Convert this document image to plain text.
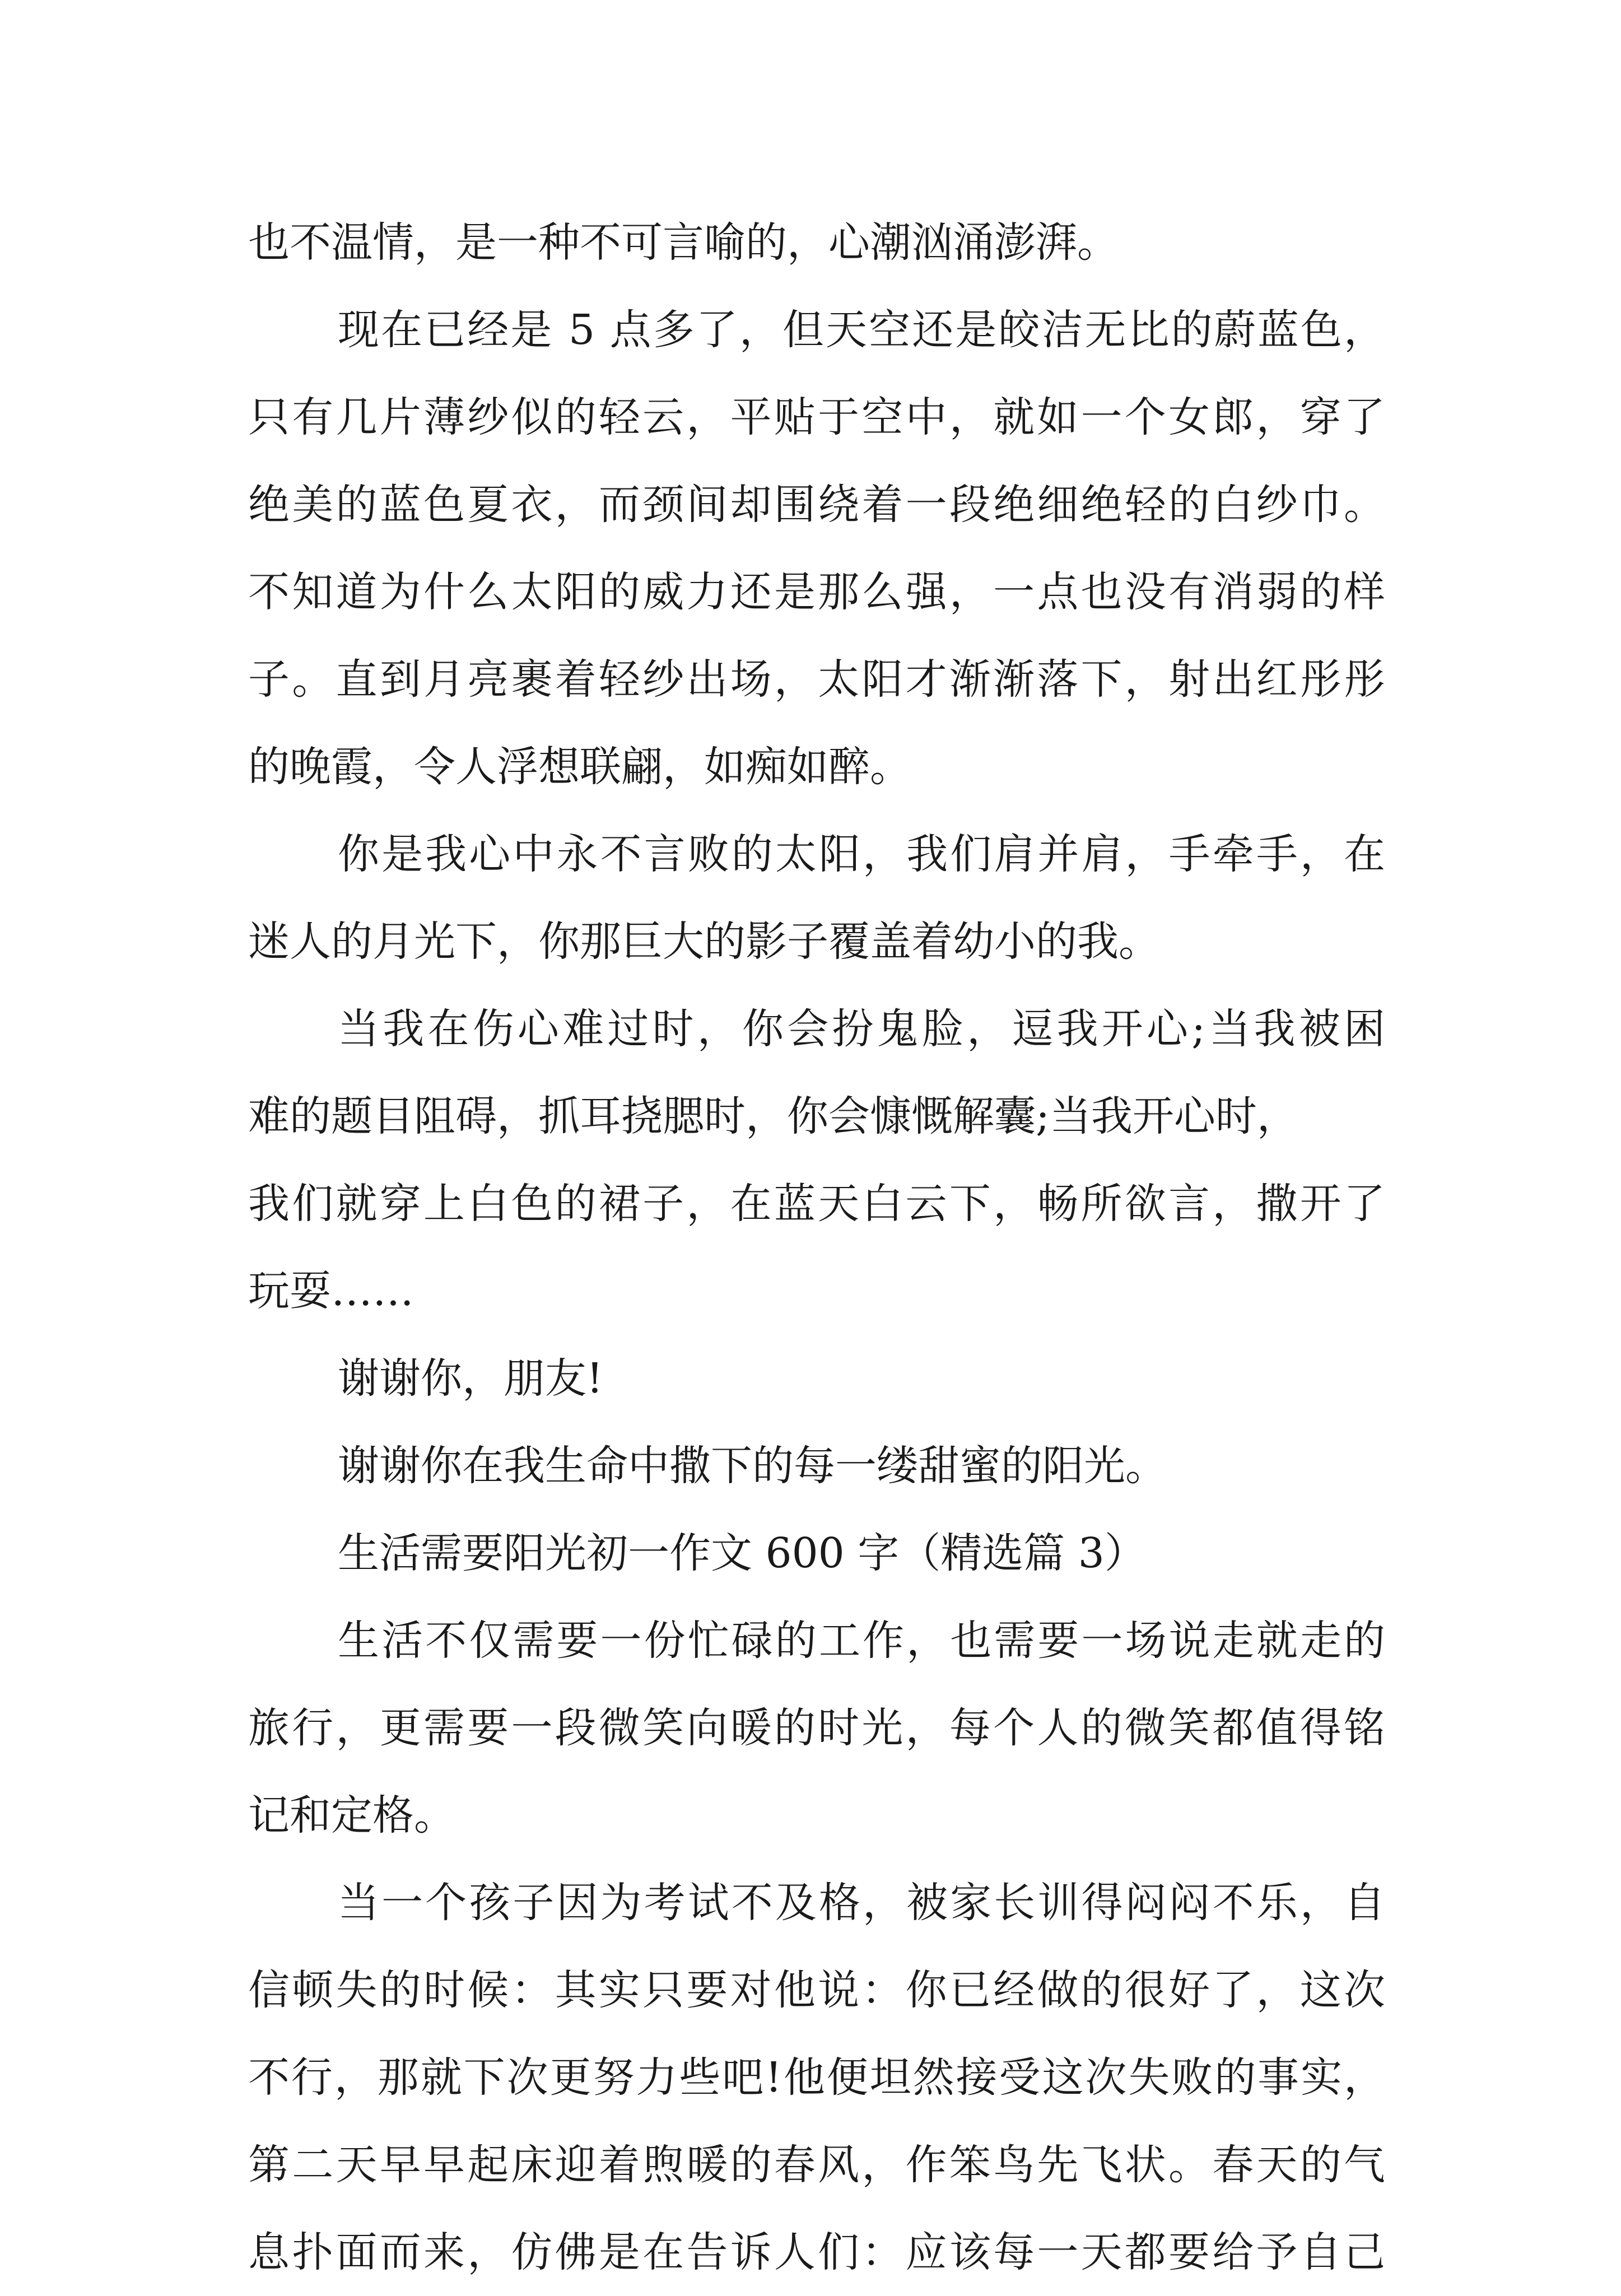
也不温情，是一种不可言喻的，心潮汹涌澎湃。
现在已经是 5 点多了，但天空还是皎洁无比的蔚蓝色，
只有几片薄纱似的轻云，平贴于空中，就如一个女郎，穿了
绝美的蓝色夏衣，而颈间却围绕着一段绝细绝轻的白纱巾。
不知道为什么太阳的威力还是那么强，一点也没有消弱的样
子。直到月亮裹着轻纱出场，太阳才渐渐落下，射出红彤彤
的晚霞，令人浮想联翩，如痴如醉。
你是我心中永不言败的太阳，我们肩并肩，手牵手，在
迷人的月光下，你那巨大的影子覆盖着幼小的我。
当我在伤心难过时，你会扮鬼脸，逗我开心;当我被困
难的题目阻碍，抓耳挠腮时，你会慷慨解囊;当我开心时，
我们就穿上白色的裙子，在蓝天白云下，畅所欲言，撒开了
玩耍……
谢谢你，朋友!
谢谢你在我生命中撒下的每一缕甜蜜的阳光。
生活需要阳光初一作文 600 字（精选篇 3）
生活不仅需要一份忙碌的工作，也需要一场说走就走的
旅行，更需要一段微笑向暖的时光，每个人的微笑都值得铭
记和定格。
当一个孩子因为考试不及格，被家长训得闷闷不乐，自
信顿失的时候：其实只要对他说：你已经做的很好了，这次
不行，那就下次更努力些吧!他便坦然接受这次失败的事实，
第二天早早起床迎着煦暖的春风，作笨鸟先飞状。春天的气
息扑面而来，仿佛是在告诉人们：应该每一天都要给予自己
